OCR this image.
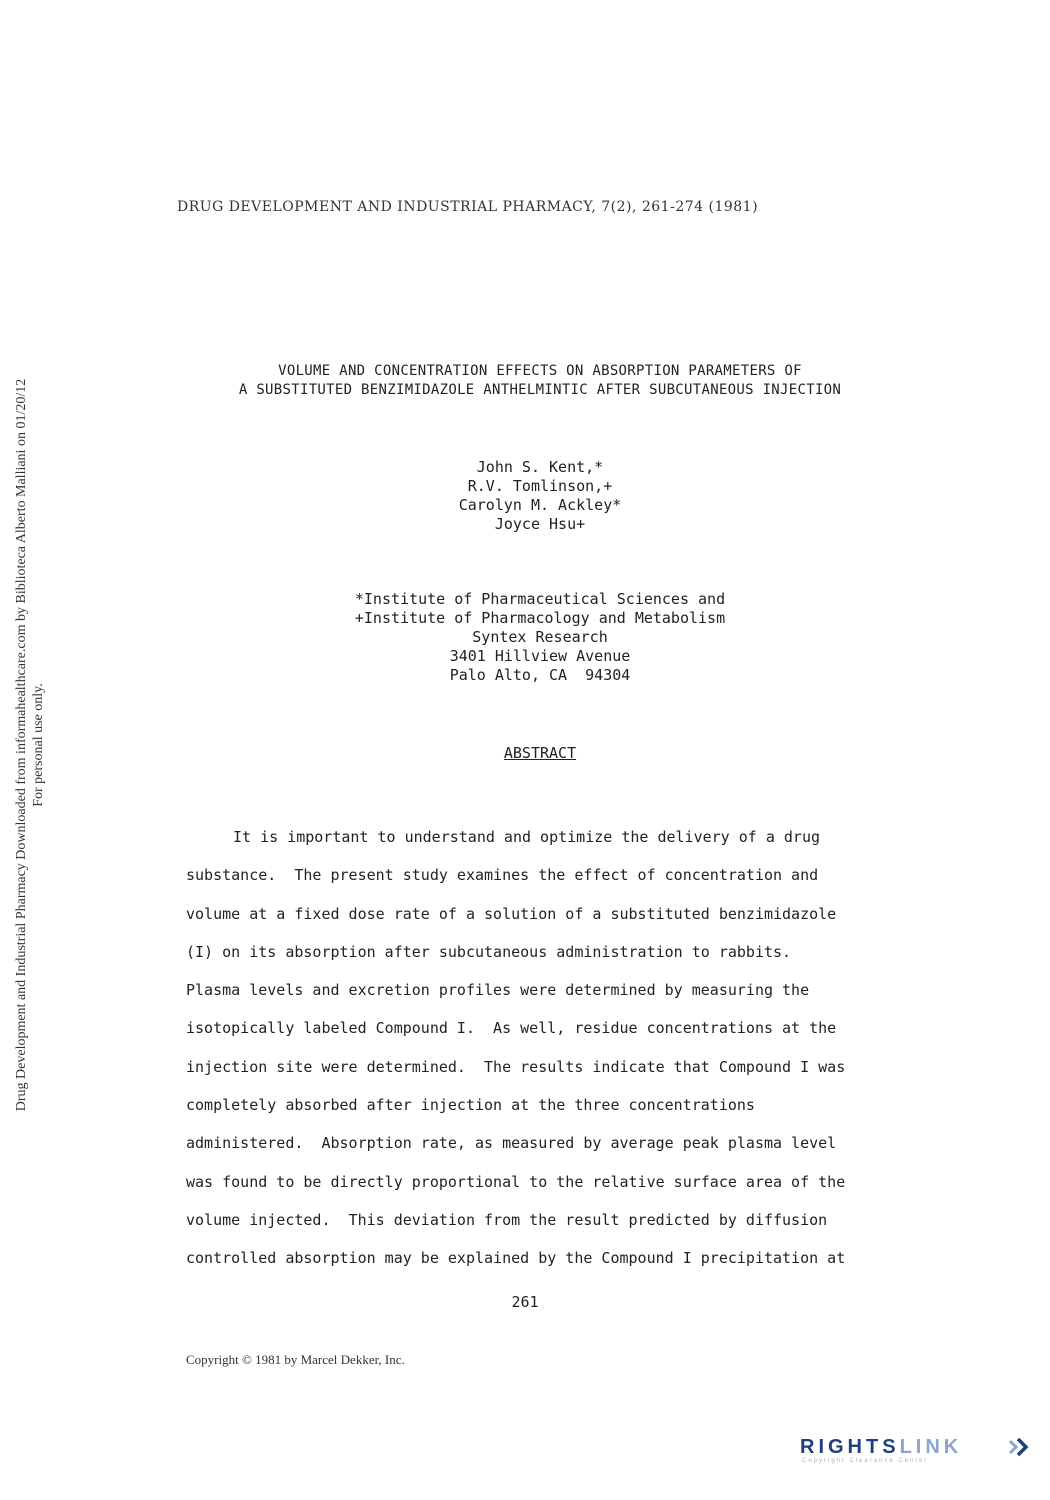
DRUG DEVELOPMENT AND INDUSTRIAL PHARMACY, 7(2), 261-274 (1981)
Drug Development and Industrial Pharmacy Downloaded from informahealthcare.com by Biblioteca Alberto Malliani on 01/20/12 For personal use only.
VOLUME AND CONCENTRATION EFFECTS ON ABSORPTION PARAMETERS OF
A SUBSTITUTED BENZIMIDAZOLE ANTHELMINTIC AFTER SUBCUTANEOUS INJECTION
John S. Kent,*
R.V. Tomlinson,+
Carolyn M. Ackley*
Joyce Hsu+
*Institute of Pharmaceutical Sciences and
+Institute of Pharmacology and Metabolism
Syntex Research
3401 Hillview Avenue
Palo Alto, CA  94304
ABSTRACT
It is important to understand and optimize the delivery of a drug
substance.  The present study examines the effect of concentration and
volume at a fixed dose rate of a solution of a substituted benzimidazole
(I) on its absorption after subcutaneous administration to rabbits.
Plasma levels and excretion profiles were determined by measuring the
isotopically labeled Compound I.  As well, residue concentrations at the
injection site were determined.  The results indicate that Compound I was
completely absorbed after injection at the three concentrations
administered.  Absorption rate, as measured by average peak plasma level
was found to be directly proportional to the relative surface area of the
volume injected.  This deviation from the result predicted by diffusion
controlled absorption may be explained by the Compound I precipitation at
261
Copyright © 1981 by Marcel Dekker, Inc.
RIGHTSLINK
Copyright Clearance Center
